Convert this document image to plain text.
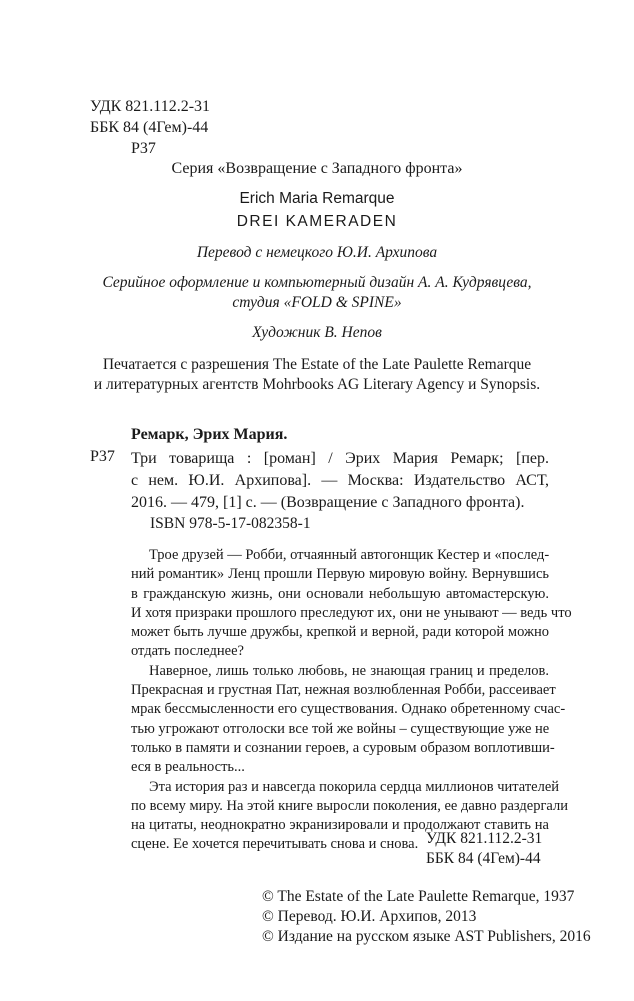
УДК 821.112.2-31
ББК 84 (4Гем)-44
Р37
Серия «Возвращение с Западного фронта»
Erich Maria Remarque
DREI KAMERADEN
Перевод с немецкого Ю.И. Архипова
Серийное оформление и компьютерный дизайн А. А. Кудрявцева,
студия «FOLD & SPINE»
Художник В. Непов
Печатается с разрешения The Estate of the Late Paulette Remarque
и литературных агентств Mohrbooks AG Literary Agency и Synopsis.
Ремарк, Эрих Мария.
Р37 Три товарища : [роман] / Эрих Мария Ремарк; [пер.
с нем. Ю.И. Архипова]. — Москва: Издательство АСТ,
2016. — 479, [1] с. — (Возвращение с Западного фронта).
ISBN 978-5-17-082358-1
Трое друзей — Робби, отчаянный автогонщик Кестер и «послед-
ний романтик» Ленц прошли Первую мировую войну. Вернувшись
в гражданскую жизнь, они основали небольшую автомастерскую.
И хотя призраки прошлого преследуют их, они не унывают — ведь что
может быть лучше дружбы, крепкой и верной, ради которой можно
отдать последнее?
Наверное, лишь только любовь, не знающая границ и пределов.
Прекрасная и грустная Пат, нежная возлюбленная Робби, рассеивает
мрак бессмысленности его существования. Однако обретенному счас-
тью угрожают отголоски все той же войны – существующие уже не
только в памяти и сознании героев, а суровым образом воплотивши-
еся в реальность...
Эта история раз и навсегда покорила сердца миллионов читателей
по всему миру. На этой книге выросли поколения, ее давно раздергали
на цитаты, неоднократно экранизировали и продолжают ставить на
сцене. Ее хочется перечитывать снова и снова. УДК 821.112.2-31
ББК 84 (4Гем)-44
© The Estate of the Late Paulette Remarque, 1937
© Перевод. Ю.И. Архипов, 2013
© Издание на русском языке AST Publishers, 2016
